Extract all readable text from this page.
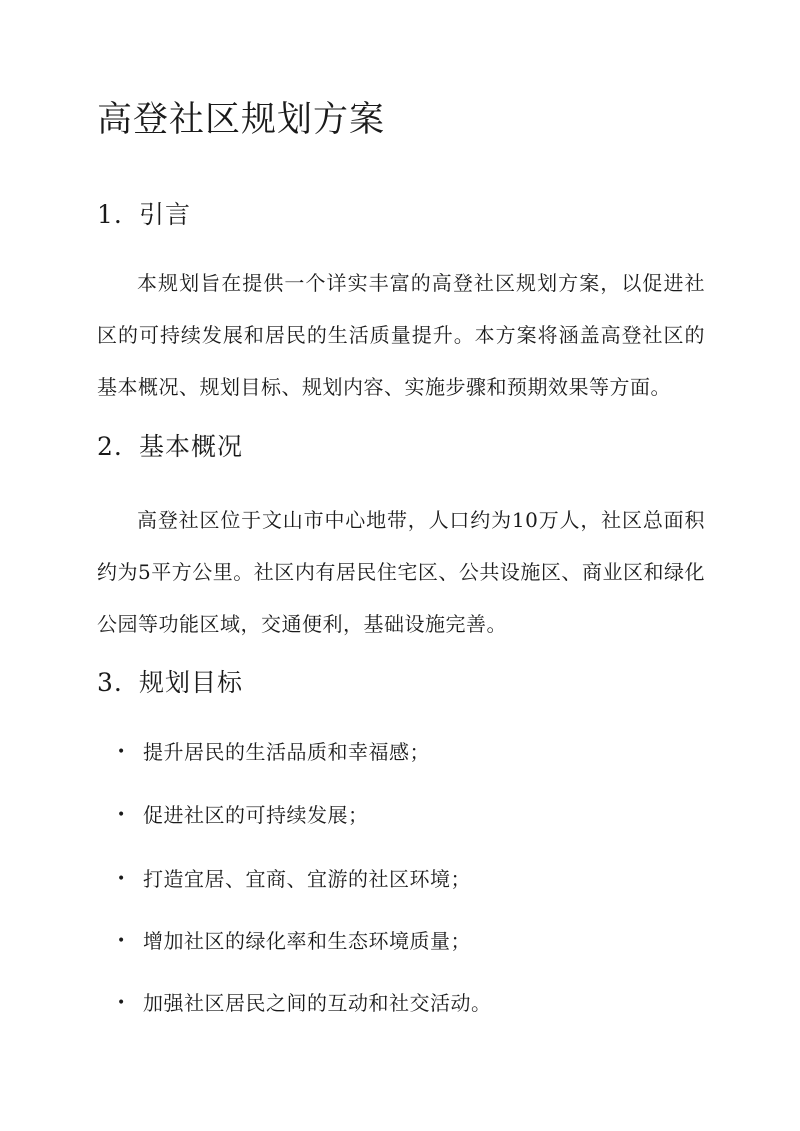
高登社区规划方案
1. 引言

本规划旨在提供一个详实丰富的高登社区规划方案，以促进社区的可持续发展和居民的生活质量提升。本方案将涵盖高登社区的基本概况、规划目标、规划内容、实施步骤和预期效果等方面。

2. 基本概况

高登社区位于文山市中心地带，人口约为10万人，社区总面积约为5平方公里。社区内有居民住宅区、公共设施区、商业区和绿化公园等功能区域，交通便利，基础设施完善。

3. 规划目标
• 提升居民的生活品质和幸福感；
• 促进社区的可持续发展；
• 打造宜居、宜商、宜游的社区环境；
• 增加社区的绿化率和生态环境质量；
• 加强社区居民之间的互动和社交活动。
